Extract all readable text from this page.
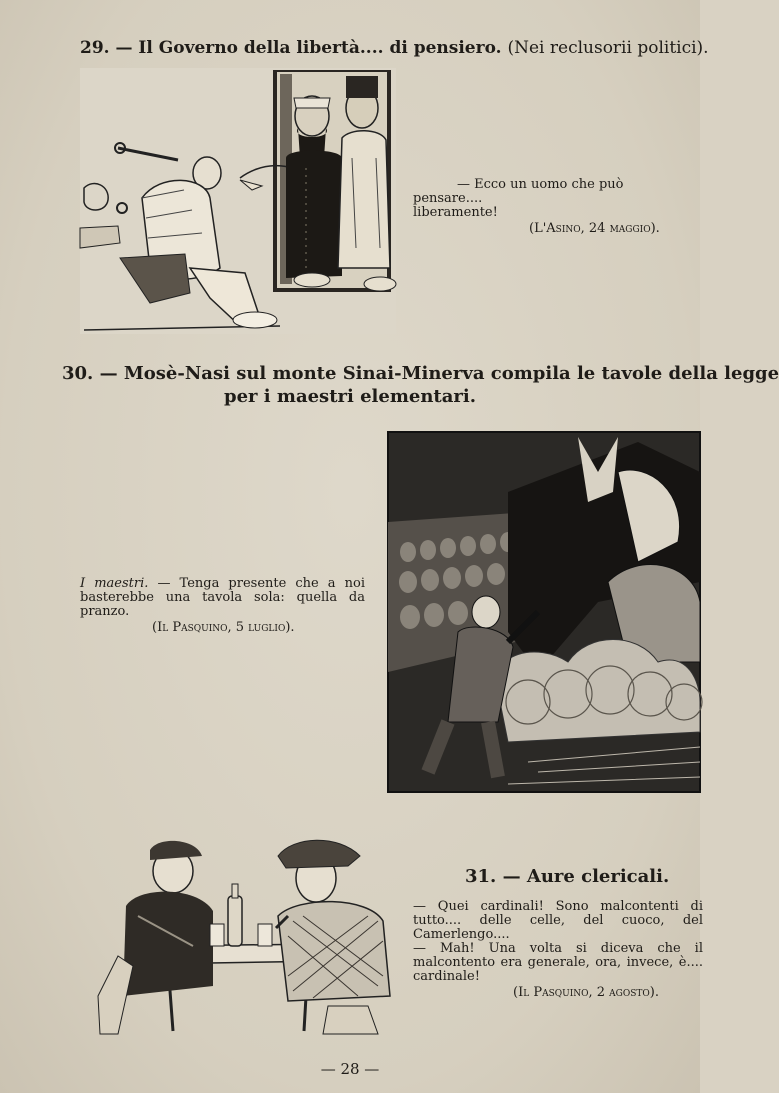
29. — Il Governo della libertà.... di pensiero. (Nei reclusorii politici).
— Ecco un uomo che può pensare....
liberamente!
(L'Asino, 24 maggio).
30. — Mosè-Nasi sul monte Sinai-Minerva compila le tavole della legge
per i maestri elementari.
I maestri. — Tenga presente che a noi basterebbe una tavola sola: quella da pranzo.
(Il Pasquino, 5 luglio).
31. — Aure clericali.
— Quei cardinali! Sono malcontenti di tutto.... delle celle, del cuoco, del Camerlengo....
— Mah! Una volta si diceva che il malcontento era generale, ora, invece, è.... cardinale!
(Il Pasquino, 2 agosto).
— 28 —
